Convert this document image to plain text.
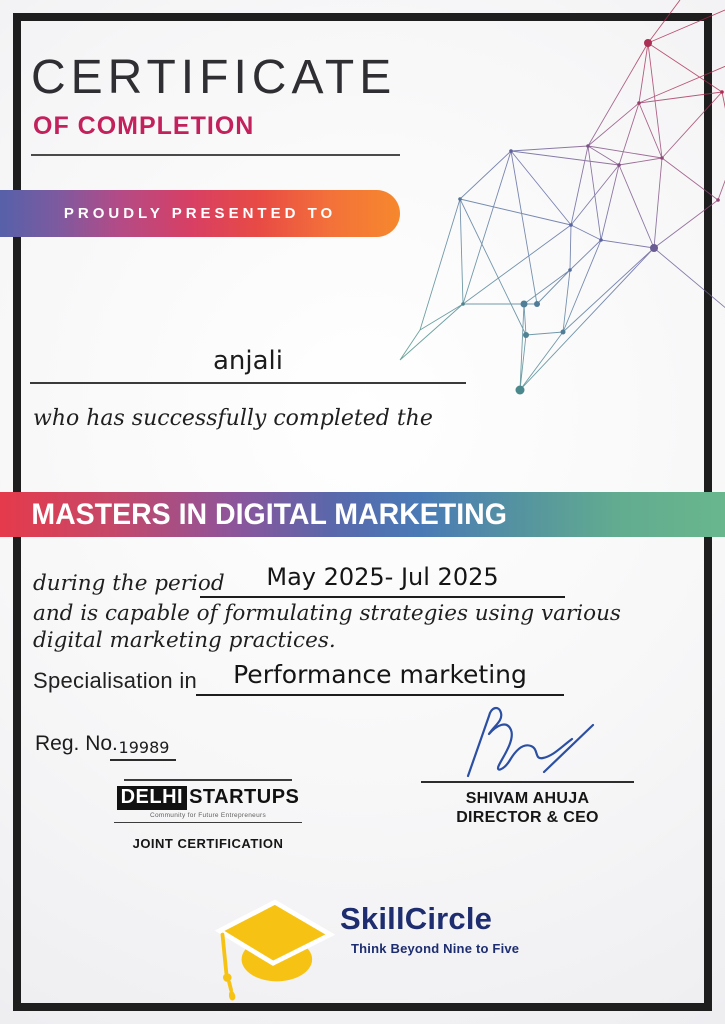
CERTIFICATE
OF COMPLETION
PROUDLY PRESENTED TO
anjali
who has successfully completed the
MASTERS IN DIGITAL MARKETING
during the period	May 2025- Jul 2025
and is capable of formulating strategies using various
digital marketing practices.
Specialisation in	Performance marketing
Reg. No. 19989
SHIVAM AHUJA
DIRECTOR & CEO
DELHI STARTUPS
Community for Future Entrepreneurs
JOINT CERTIFICATION
SkillCircle
Think Beyond Nine to Five
